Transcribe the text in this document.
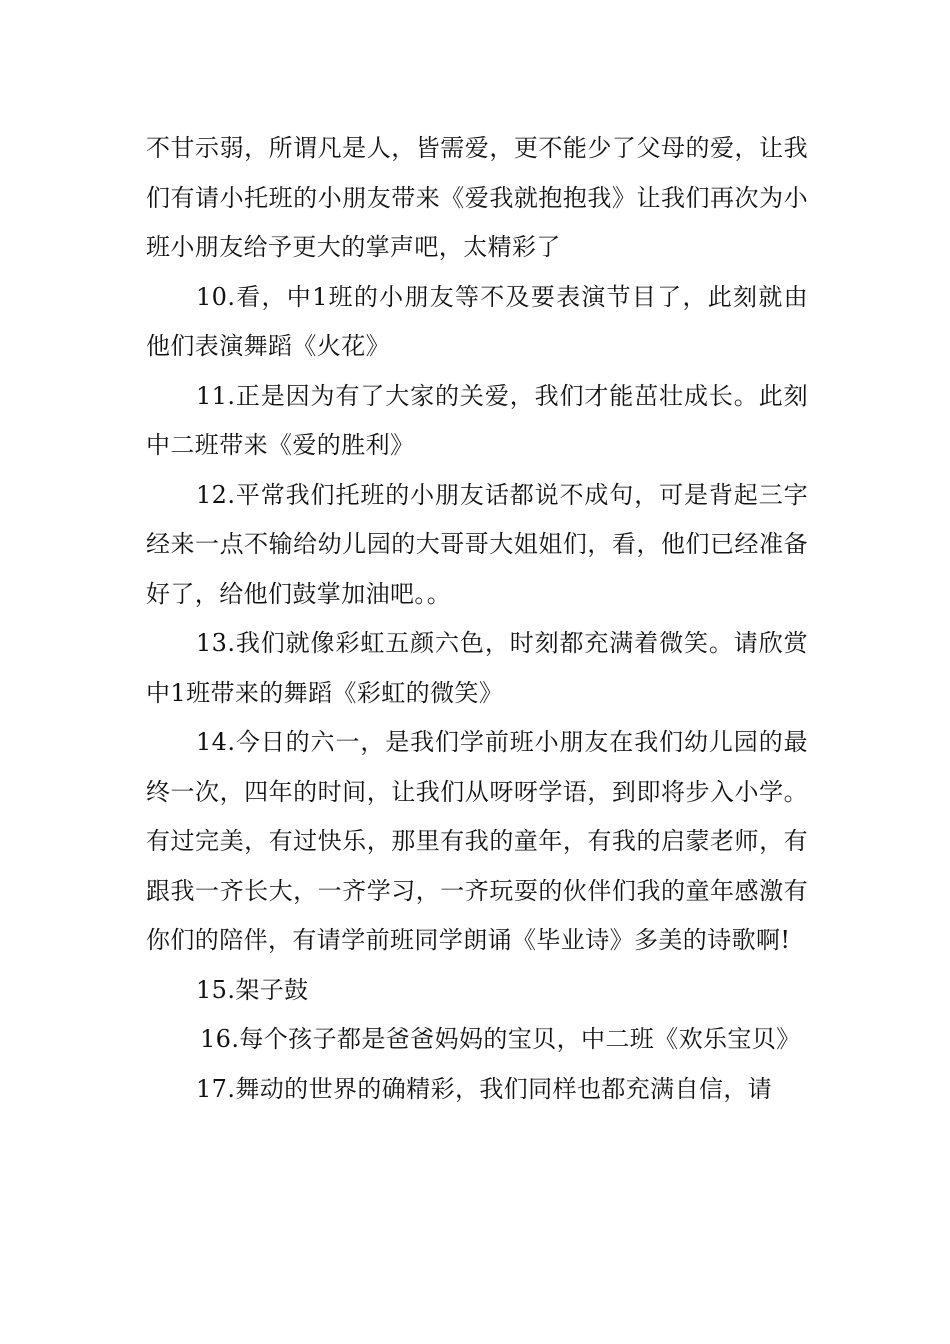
不甘示弱，所谓凡是人，皆需爱，更不能少了父母的爱，让我们有请小托班的小朋友带来《爱我就抱抱我》让我们再次为小班小朋友给予更大的掌声吧，太精彩了

10.看，中1班的小朋友等不及要表演节目了，此刻就由他们表演舞蹈《火花》

11.正是因为有了大家的关爱，我们才能茁壮成长。此刻中二班带来《爱的胜利》

12.平常我们托班的小朋友话都说不成句，可是背起三字经来一点不输给幼儿园的大哥哥大姐姐们，看，他们已经准备好了，给他们鼓掌加油吧。。

13.我们就像彩虹五颜六色，时刻都充满着微笑。请欣赏中1班带来的舞蹈《彩虹的微笑》

14.今日的六一，是我们学前班小朋友在我们幼儿园的最终一次，四年的时间，让我们从呀呀学语，到即将步入小学。有过完美，有过快乐，那里有我的童年，有我的启蒙老师，有跟我一齐长大，一齐学习，一齐玩耍的伙伴们我的童年感激有你们的陪伴，有请学前班同学朗诵《毕业诗》多美的诗歌啊!

15.架子鼓

16.每个孩子都是爸爸妈妈的宝贝，中二班《欢乐宝贝》

17.舞动的世界的确精彩，我们同样也都充满自信，请
